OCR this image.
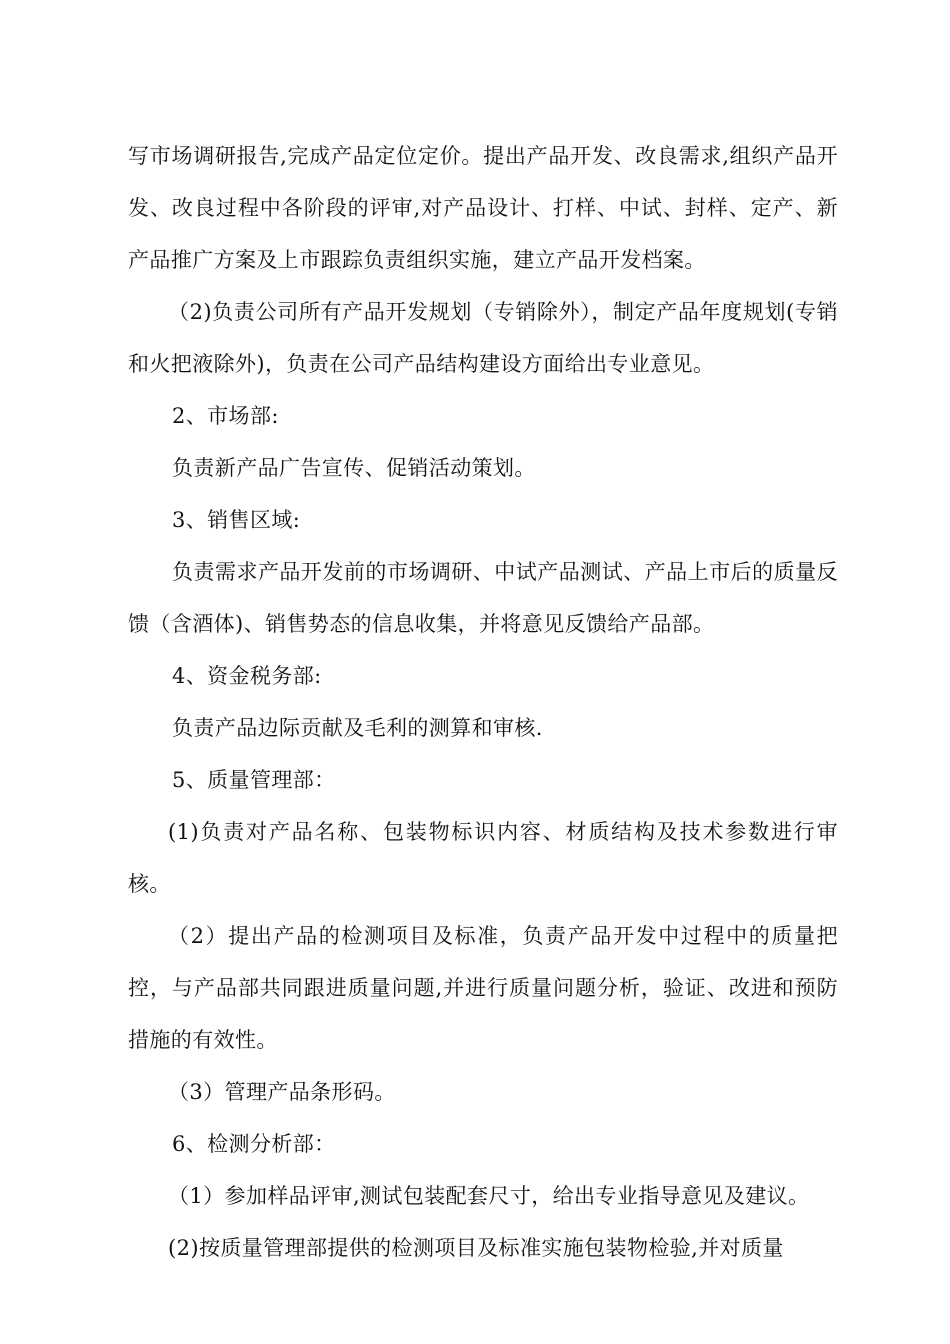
写市场调研报告,完成产品定位定价。提出产品开发、改良需求,组织产品开发、改良过程中各阶段的评审,对产品设计、打样、中试、封样、定产、新产品推广方案及上市跟踪负责组织实施，建立产品开发档案。

（2)负责公司所有产品开发规划（专销除外），制定产品年度规划(专销和火把液除外)，负责在公司产品结构建设方面给出专业意见。

2、市场部:

负责新产品广告宣传、促销活动策划。

3、销售区域:

负责需求产品开发前的市场调研、中试产品测试、产品上市后的质量反馈（含酒体)、销售势态的信息收集，并将意见反馈给产品部。

4、资金税务部:

负责产品边际贡献及毛利的测算和审核.

5、质量管理部：

(1)负责对产品名称、包装物标识内容、材质结构及技术参数进行审核。

（2）提出产品的检测项目及标准，负责产品开发中过程中的质量把控，与产品部共同跟进质量问题,并进行质量问题分析，验证、改进和预防措施的有效性。

（3）管理产品条形码。

6、检测分析部：

（1）参加样品评审,测试包装配套尺寸，给出专业指导意见及建议。

(2)按质量管理部提供的检测项目及标准实施包装物检验,并对质量
